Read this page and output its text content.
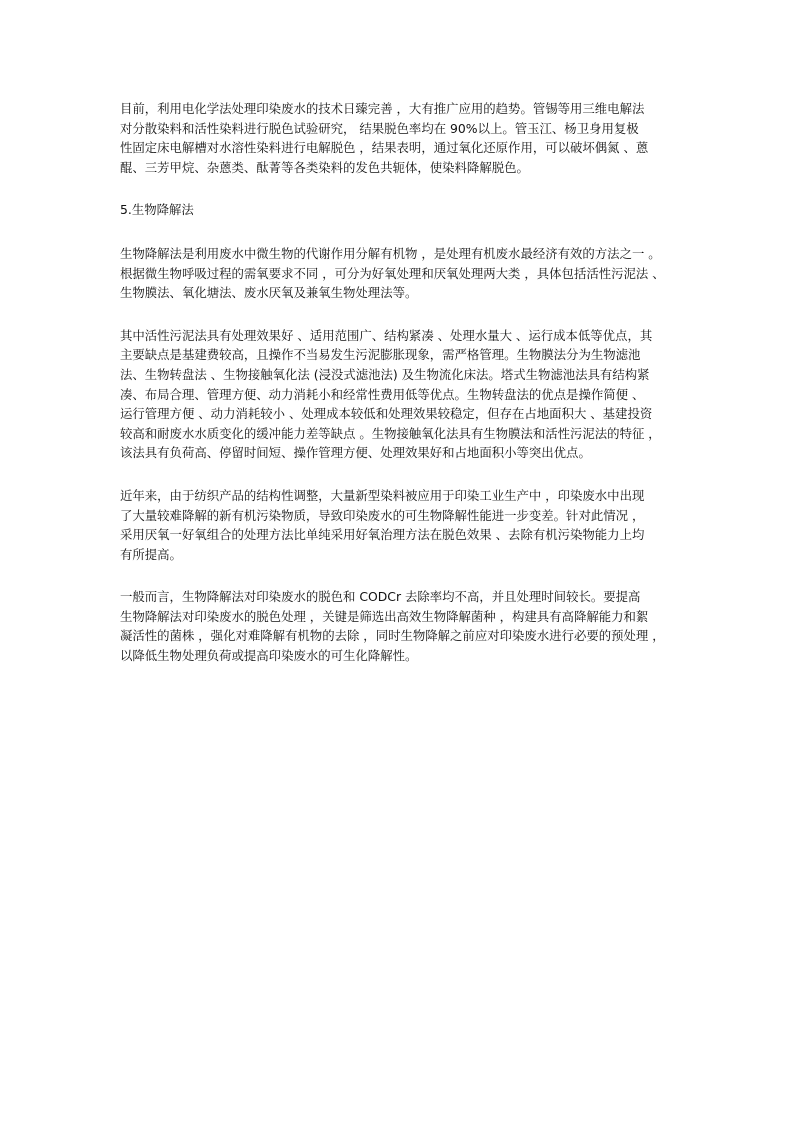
目前，利用电化学法处理印染废水的技术日臻完善 ，大有推广应用的趋势。管锡等用三维电解法
对分散染料和活性染料进行脱色试验研究， 结果脱色率均在 90%以上。管玉江、杨卫身用复极
性固定床电解槽对水溶性染料进行电解脱色 ，结果表明，通过氧化还原作用，可以破坏偶氮 、蒽
醌、三芳甲烷、杂蒽类、酞菁等各类染料的发色共轭体，使染料降解脱色。

5.生物降解法

生物降解法是利用废水中微生物的代谢作用分解有机物 ，是处理有机废水最经济有效的方法之一 。
根据微生物呼吸过程的需氧要求不同 ，可分为好氧处理和厌氧处理两大类 ，具体包括活性污泥法 、
生物膜法、氧化塘法、废水厌氧及兼氧生物处理法等。

其中活性污泥法具有处理效果好 、适用范围广、结构紧凑 、处理水量大 、运行成本低等优点，其
主要缺点是基建费较高，且操作不当易发生污泥膨胀现象，需严格管理。生物膜法分为生物滤池
法、生物转盘法 、生物接触氧化法 (浸没式滤池法) 及生物流化床法。塔式生物滤池法具有结构紧
凑、布局合理、管理方便、动力消耗小和经常性费用低等优点。生物转盘法的优点是操作简便 、
运行管理方便 、动力消耗较小 、处理成本较低和处理效果较稳定，但存在占地面积大 、基建投资
较高和耐废水水质变化的缓冲能力差等缺点 。生物接触氧化法具有生物膜法和活性污泥法的特征 ，
该法具有负荷高、停留时间短、操作管理方便、处理效果好和占地面积小等突出优点。

近年来，由于纺织产品的结构性调整，大量新型染料被应用于印染工业生产中 ，印染废水中出现
了大量较难降解的新有机污染物质，导致印染废水的可生物降解性能进一步变差。针对此情况 ，
采用厌氧一好氧组合的处理方法比单纯采用好氧治理方法在脱色效果 、去除有机污染物能力上均
有所提高。

一般而言，生物降解法对印染废水的脱色和 CODCr 去除率均不高，并且处理时间较长。要提高
生物降解法对印染废水的脱色处理 ，关键是筛选出高效生物降解菌种 ，构建具有高降解能力和絮
凝活性的菌株 ，强化对难降解有机物的去除 ，同时生物降解之前应对印染废水进行必要的预处理 ，
以降低生物处理负荷或提高印染废水的可生化降解性。
